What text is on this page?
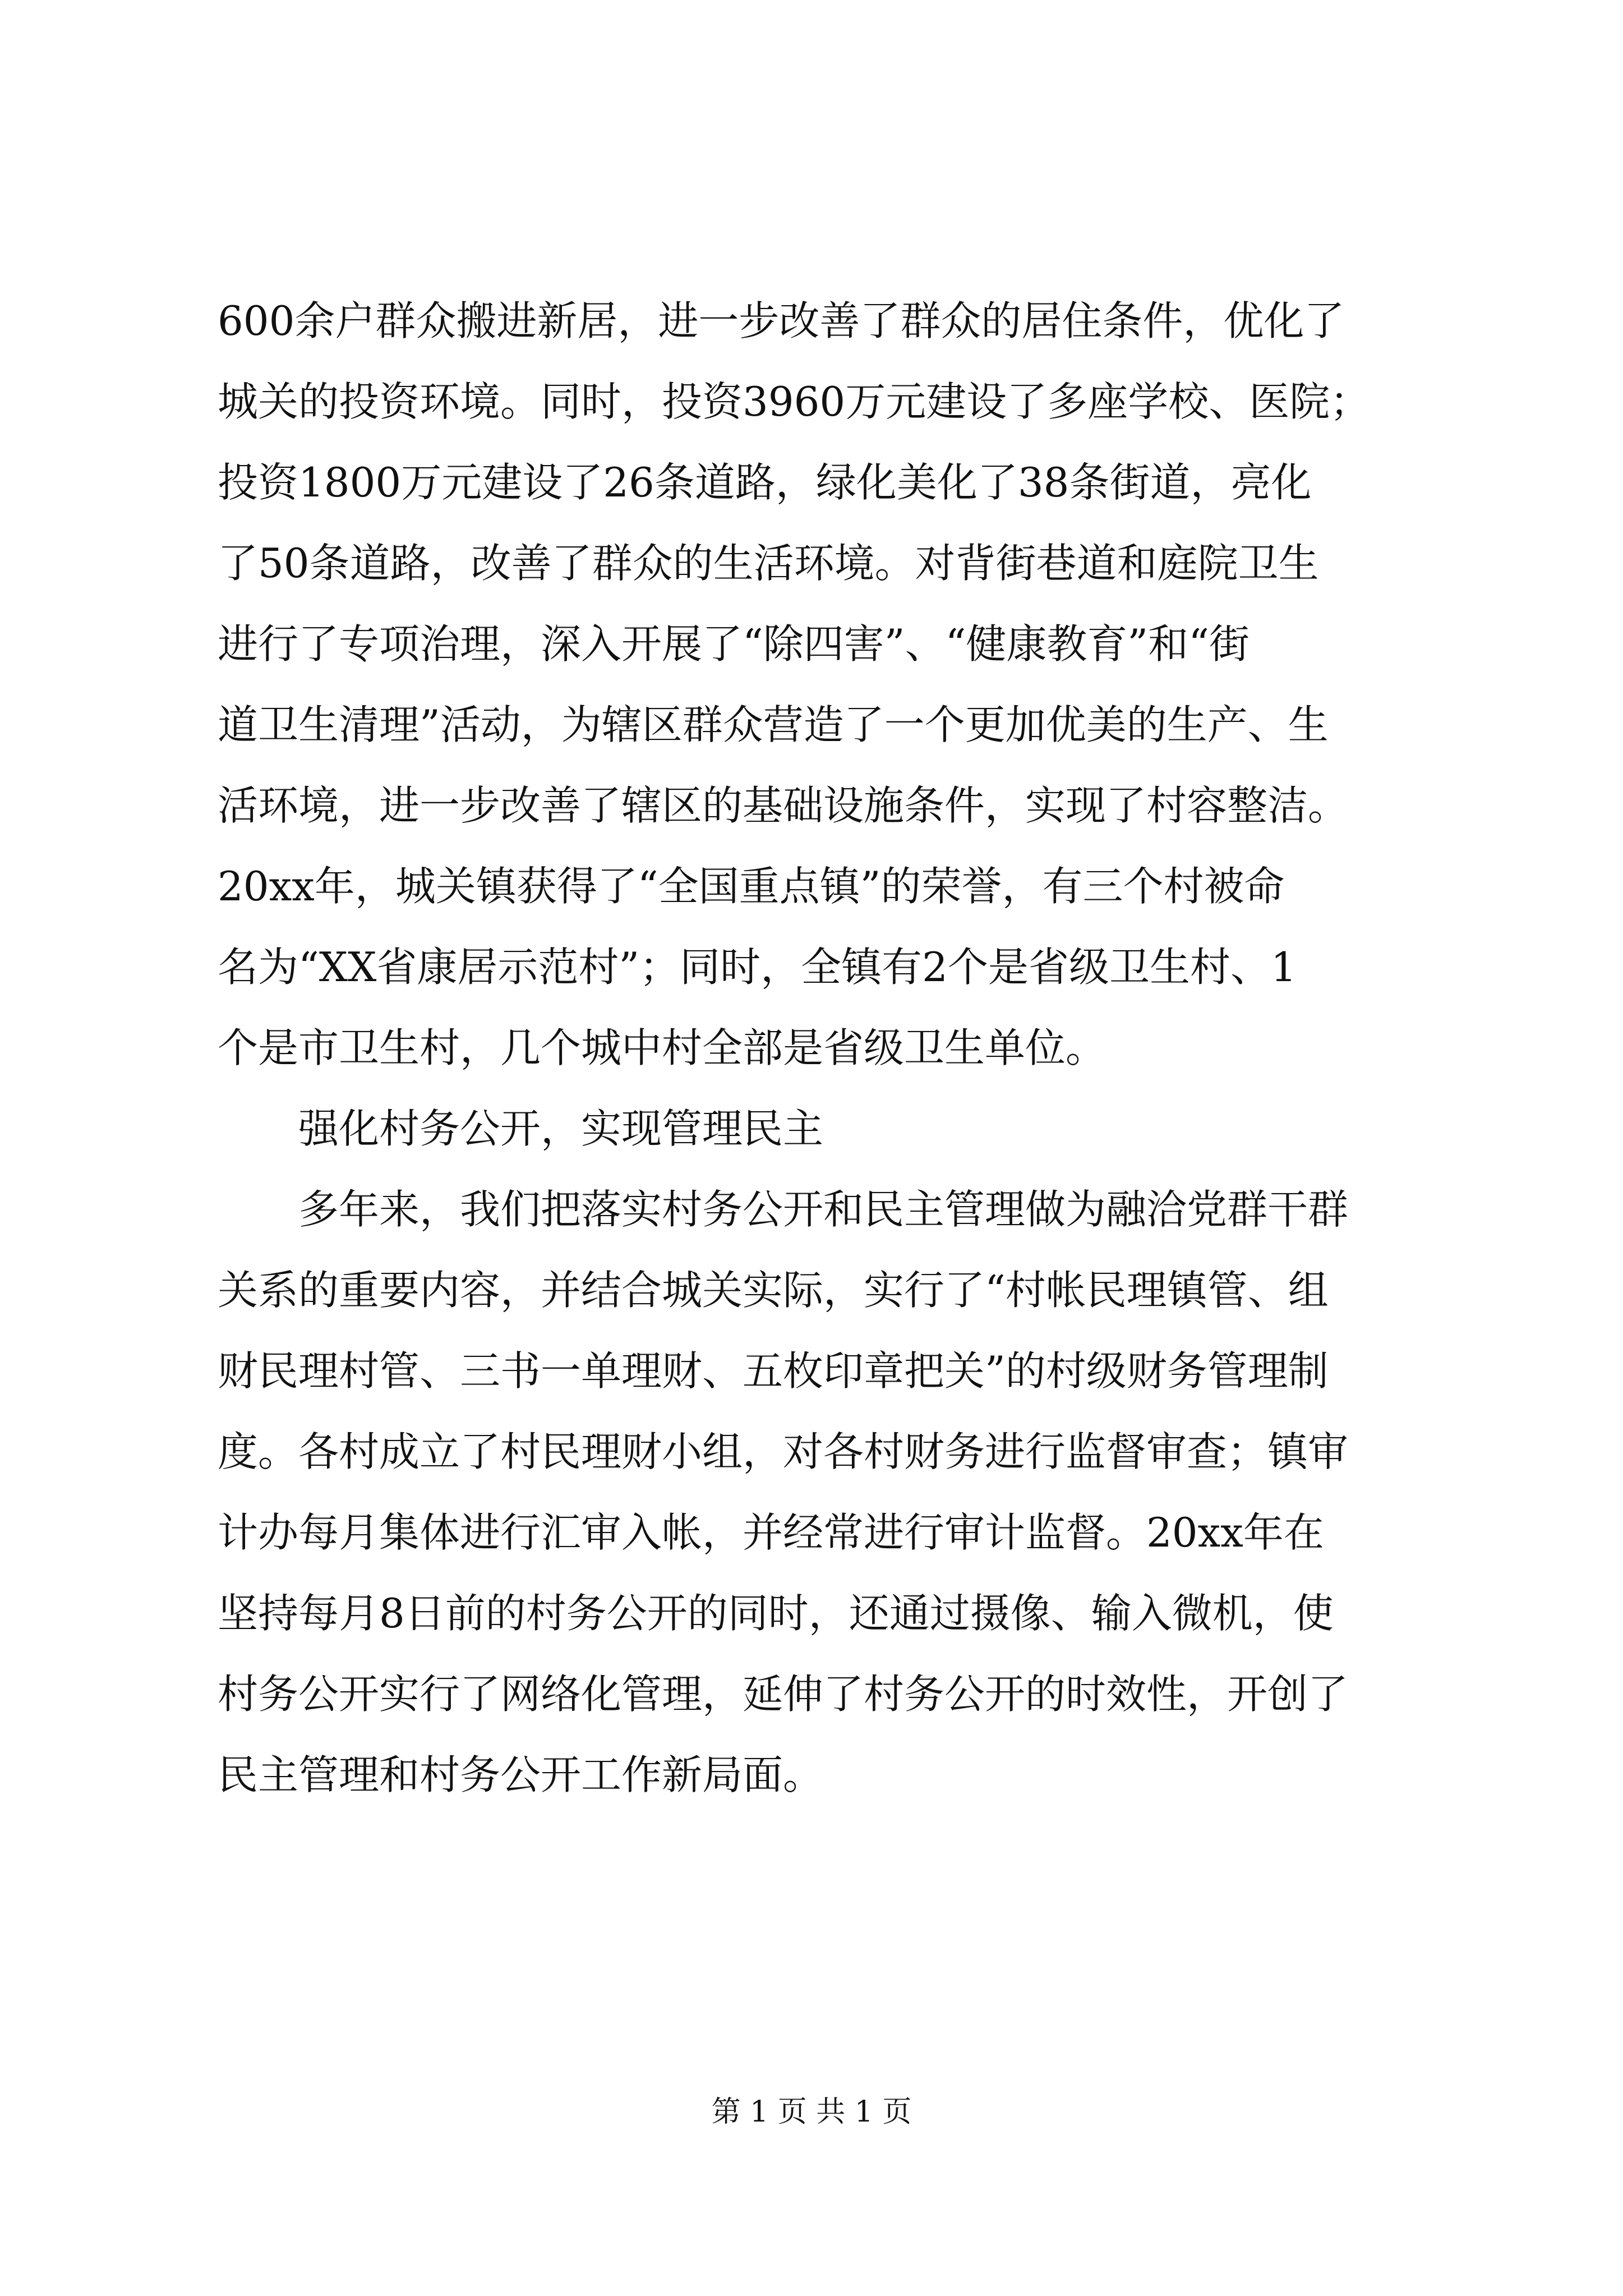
600余户群众搬进新居，进一步改善了群众的居住条件，优化了
城关的投资环境。同时，投资3960万元建设了多座学校、医院；
投资1800万元建设了26条道路，绿化美化了38条街道，亮化
了50条道路，改善了群众的生活环境。对背街巷道和庭院卫生
进行了专项治理，深入开展了“除四害”、“健康教育”和“街
道卫生清理”活动，为辖区群众营造了一个更加优美的生产、生
活环境，进一步改善了辖区的基础设施条件，实现了村容整洁。
20xx年，城关镇获得了“全国重点镇”的荣誉，有三个村被命
名为“XX省康居示范村”；同时，全镇有2个是省级卫生村、1
个是市卫生村，几个城中村全部是省级卫生单位。
强化村务公开，实现管理民主
多年来，我们把落实村务公开和民主管理做为融洽党群干群
关系的重要内容，并结合城关实际，实行了“村帐民理镇管、组
财民理村管、三书一单理财、五枚印章把关”的村级财务管理制
度。各村成立了村民理财小组，对各村财务进行监督审查；镇审
计办每月集体进行汇审入帐，并经常进行审计监督。20xx年在
坚持每月8日前的村务公开的同时，还通过摄像、输入微机，使
村务公开实行了网络化管理，延伸了村务公开的时效性，开创了
民主管理和村务公开工作新局面。
第 1 页 共 1 页
